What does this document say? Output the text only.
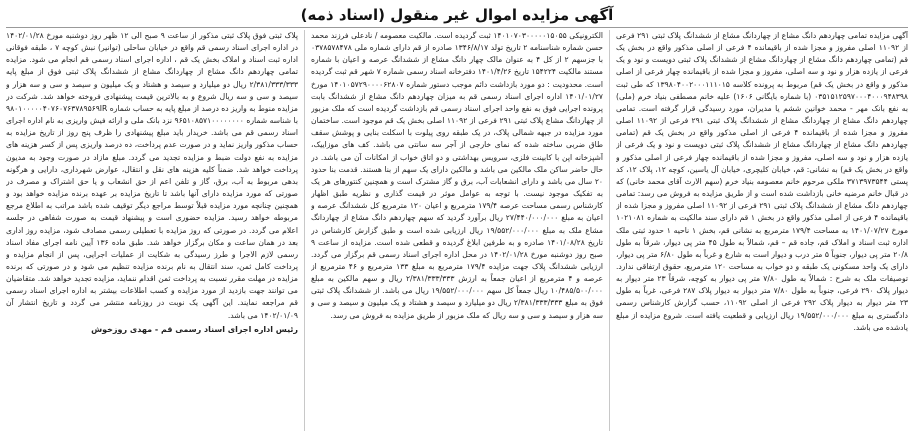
آگهی مزایده اموال غیر منقول (اسناد ذمه)

آگهی مزایده تمامی چهاردهم دانگ مشاع از چهاردانگ مشاع از ششدانگ پلاک ثبتی ۲۹۱ فرعی از ۱۱۰۹۲ اصلی مفروز و مجزا شده از باقیمانده ۴ فرعی از اصلی مذکور واقع در بخش یک قم (تمامی چهاردهم دانگ مشاع از چهاردانگ مشاع از ششدانگ پلاک ثبتی دویست و نود و یک فرعی از یازده هزار و نود و سه اصلی، مفروز و مجزا شده از باقیمانده چهار فرعی از اصلی مذکور و واقع در بخش یک قم) مربوط به پرونده کلاسه ۱۳۹۸۰۴۰۰۲۰۰۰۱۱۱۰۱۵ که طی ثبت ۰۳۵۱۵۱۲۵۹۷۰۰۰۴۰۰۰۹۴۸۳۹۸ (با شماره بایگانی ۱۶۰۶) علیه خانم مصطفی بنیاد خرم (ملی) به نفع بانک مهر - محمد خوانین ششم یا مدیران، مورد رسیدگی قرار گرفته است. تمامی چهاردهم دانگ مشاع از چهاردانگ مشاع از ششدانگ پلاک ثبتی ۲۹۱ فرعی از ۱۱۰۹۲ اصلی مفروز و مجزا شده از باقیمانده ۴ فرعی از اصلی مذکور واقع در بخش یک قم (تمامی چهاردهم دانگ مشاع از چهاردانگ مشاع از ششدانگ پلاک ثبتی دویست و نود و یک فرعی از یازده هزار و نود و سه اصلی، مفروز و مجزا شده از باقیمانده چهار فرعی از اصلی مذکور و واقع در بخش یک قم) به نشانی: قم، خیابان کلیچری، خیابان آل یاسین، کوچه ۱۲، پلاک ۱۲، کد پستی ۳۷۱۳۹۷۳۵۴۴ ملکی مرحوم خانم معصومه بنیاد خرم (سهم الارث آقای محمد خانی) که در قبال خانم مرضیه خانی بازداشت شده است و از طریق مزایده به فروش می رسد: تمامی چهاردهم دانگ مشاع از ششدانگ پلاک ثبتی ۲۹۱ فرعی از ۱۱۰۹۲ اصلی مفروز و مجزا شده از باقیمانده ۴ فرعی از اصلی مذکور واقع در بخش ۱ قم دارای سند مالکیت به شماره ۱۰۲۱۰۸۱ مورخ ۱۴۰۱/۰۷/۲۷ به مساحت ۱۷۹/۴ مترمربع به نشانی قم، بخش ۱ ناحیه ۱ حدود ثبتی ملک اداره ثبت اسناد و املاک قم، جاده قم – قم، شمالاً به طول ۴۵ متر پی دیوار، شرقاً به طول ۲۰/۸ متر پی دیوار، جنوباً ۵ متر درب و دیوار است به شارع و غرباً به طول ۶/۸۰ متر پی دیوار، دارای یک واحد مسکونی یک طبقه و دو خواب به مساحت ۱۲۰ مترمربع، حقوق ارتفاقی ندارد. توصیفات ملک به شرح : شمالاً به طول ۷/۸۰ متر پی دیوار به کوچه، شرقاً ۲۳ متر دیوار به دیوار پلاک ۲۹۰ فرعی، جنوباً به طول ۷/۸۰ متر دیوار به دیوار پلاک ۲۸۷ فرعی، غرباً به طول ۲۳ متر دیوار به دیوار پلاک ۲۹۲ فرعی از اصلی ۱۱۰۹۲، حسب گزارش کارشناس رسمی دادگستری به مبلغ ۱۹/۵۵۲/۰۰۰/۰۰۰ ریال ارزیابی و قطعیت یافته است. شروع مزایده از مبلغ یادشده می باشد.

الکترونیکی ۱۴۰۱۰۷۰۳۰۰۰۰۰۱۵۰۵۵ ثبت گردیده است. مالکیت معصومه / نادعلی فرزند محمد حسن شماره شناسنامه ۲ تاریخ تولد ۱۳۴۶/۸/۱۷ صادره از قم دارای شماره ملی ۰۳۷۸۵۷۸۴۷۸ با جزسهم ۲ از کل ۴ به عنوان مالک چهار دانگ مشاع از ششدانگ عرصه و اعیان با شماره مستند مالکیت ۱۵۴۲۲۴ تاریخ ۱۴۰۱/۴/۲۶ دفترخانه اسناد رسمی شماره ۷ شهر قم ثبت گردیده است. محدودیت : دو مورد بازداشت دائم موجب دستور شماره ۱۴۰۱۰۵۷۲۹۰۰۰۰۶۲۸۰۷ مورخ ۱۴۰۱/۰۱/۲۷ اداره اجرای اسناد رسمی قم به میزان چهاردهم دانگ مشاع از ششدانگ بابت پرونده اجرایی فوق به نفع واحد اجرای اسناد رسمی قم بازداشت گردیده است که ملک مزبور از چهاردانگ مشاع پلاک ثبتی ۲۹۱ فرعی از ۱۱۰۹۲ اصلی بخش یک قم موجود است. ساختمان مورد مزایده در جبهه شمالی پلاک، در یک طبقه روی پیلوت با اسکلت بنایی و پوشش سقف طاق ضربی ساخته شده که نمای خارجی از آجر سه سانتی می باشد. کف های موزاییک، آشپزخانه اپن با کابینت فلزی، سرویس بهداشتی و دو اتاق خواب از امکانات آن می باشد. در حال حاضر ساکن ملک مالکین می باشد و مالکین دارای یک سهم از بنا هستند. قدمت بنا حدود ۲۰ سال می باشد و دارای انشعابات آب، برق و گاز مشترک است و همچنین کنتورهای هر یک به تفکیک موجود نیست. با توجه به عوامل موثر در قیمت گذاری و نظریه طبق اظهار کارشناس رسمی مساحت عرصه ۱۷۹/۴ مترمربع و اعیان ۱۲۰ مترمربع کل ششدانگ عرصه و اعیان به مبلغ ۲۷/۴۴۰/۰۰۰/۰۰۰ ریال برآورد گردید که سهم چهاردهم دانگ مشاع از چهاردانگ مشاع ملک به مبلغ ۱۹/۵۵۲/۰۰۰/۰۰۰ ریال ارزیابی شده است و طبق گزارش کارشناس در تاریخ ۱۴۰۱/۰۸/۲۸ صادره و به طرفین ابلاغ گردیده و قطعی شده است. مزایده از ساعت ۹ صبح روز دوشنبه مورخ ۱۴۰۲/۰۱/۲۸ در محل اداره اجرای اسناد رسمی قم برگزار می گردد. ارزیابی ششدانگ پلاک جهت مزایده ۱۷۹/۴ مترمربع به مبلغ ۱۳۳ مترمربع و ۴۶ مترمربع از عرصه و ۴ مترمربع از اعیان جمعاً به ارزش ۲/۳۸۱/۳۳۳/۳۳۳ ریال و سهم مالکین به مبلغ ۱۰/۴۸۵/۵۰۰/۰۰۰ ریال جمعاً کل سهم ۱۹/۵۵۲/۰۰۰/۰۰۰ ریال می باشد. از ششدانگ پلاک ثبتی فوق به مبلغ ۲/۳۸۱/۳۳۳/۳۳۳ ریال دو میلیارد و سیصد و هشتاد و یک میلیون و سیصد و سی و سه هزار و سیصد و سی و سه ریال که ملک مزبور از طریق مزایده به فروش می رسد.

پلاک ثبتی فوق پلاک ثبتی مذکور از ساعت ۹ صبح الی ۱۲ ظهر روز دوشنبه مورخ ۱۴۰۲/۰۱/۲۸ در اداره اجرای اسناد رسمی قم واقع در خیابان ساحلی (توانیر) نبش کوچه ۷ ، طبقه فوقانی اداره ثبت اسناد و املاک بخش یک قم ، اداره اجرای اسناد رسمی قم انجام می شود. مزایده تمامی چهاردهم دانگ مشاع از چهاردانگ مشاع از ششدانگ پلاک ثبتی فوق از مبلغ پایه ۲/۳۸۱/۳۳۳/۳۳۳ ریال دو میلیارد و سیصد و هشتاد و یک میلیون و سیصد و سی و سه هزار و سیصد و سی و سه ریال شروع و به بالاترین قیمت پیشنهادی فروخته خواهد شد. شرکت در مزایده منوط به واریز ده درصد از مبلغ پایه به حساب شماره ۹۸۰۱۰۰۰۰۰۴۰۷۶۰۷۶۳۷۸۹۵۶۹IR با شناسه شماره ۹۶۵۱۰۸۵۷۱۰۰۰۰۰۰۰۰ نزد بانک ملی و ارائه فیش واریزی به نام اداره اجرای اسناد رسمی قم می باشد. خریدار باید مبلغ پیشنهادی را ظرف پنج روز از تاریخ مزایده به حساب مذکور واریز نماید و در صورت عدم پرداخت، ده درصد واریزی پس از کسر هزینه های مزایده به نفع دولت ضبط و مزایده تجدید می گردد. مبلغ مازاد در صورت وجود به مدیون پرداخت خواهد شد. ضمناً کلیه هزینه های نقل و انتقال، عوارض شهرداری، دارایی و هرگونه بدهی مربوط به آب، برق، گاز و تلفن اعم از حق انشعاب و یا حق اشتراک و مصرف در صورتی که مورد مزایده دارای آنها باشد تا تاریخ مزایده بر عهده برنده مزایده خواهد بود و همچنین چنانچه مورد مزایده قبلاً توسط مراجع دیگر توقیف شده باشد مراتب به اطلاع مرجع مربوطه خواهد رسید. مزایده حضوری است و پیشنهاد قیمت به صورت شفاهی در جلسه اعلام می گردد. در صورتی که روز مزایده با تعطیلی رسمی مصادف شود، مزایده روز اداری بعد در همان ساعت و مکان برگزار خواهد شد. طبق ماده ۱۳۶ آیین نامه اجرای مفاد اسناد رسمی لازم الاجرا و طرز رسیدگی به شکایت از عملیات اجرایی، پس از انجام مزایده و پرداخت کامل ثمن، سند انتقال به نام برنده مزایده تنظیم می شود و در صورتی که برنده مزایده در مهلت مقرر نسبت به پرداخت ثمن اقدام ننماید، مزایده تجدید خواهد شد. متقاضیان می توانند جهت بازدید از مورد مزایده و کسب اطلاعات بیشتر به اداره اجرای اسناد رسمی قم مراجعه نمایند. این آگهی یک نوبت در روزنامه منتشر می گردد و تاریخ انتشار آن ۱۴۰۲/۰۱/۰۹ می باشد.

رئیس اداره اجرای اسناد رسمی قم - مهدی روزخوش
